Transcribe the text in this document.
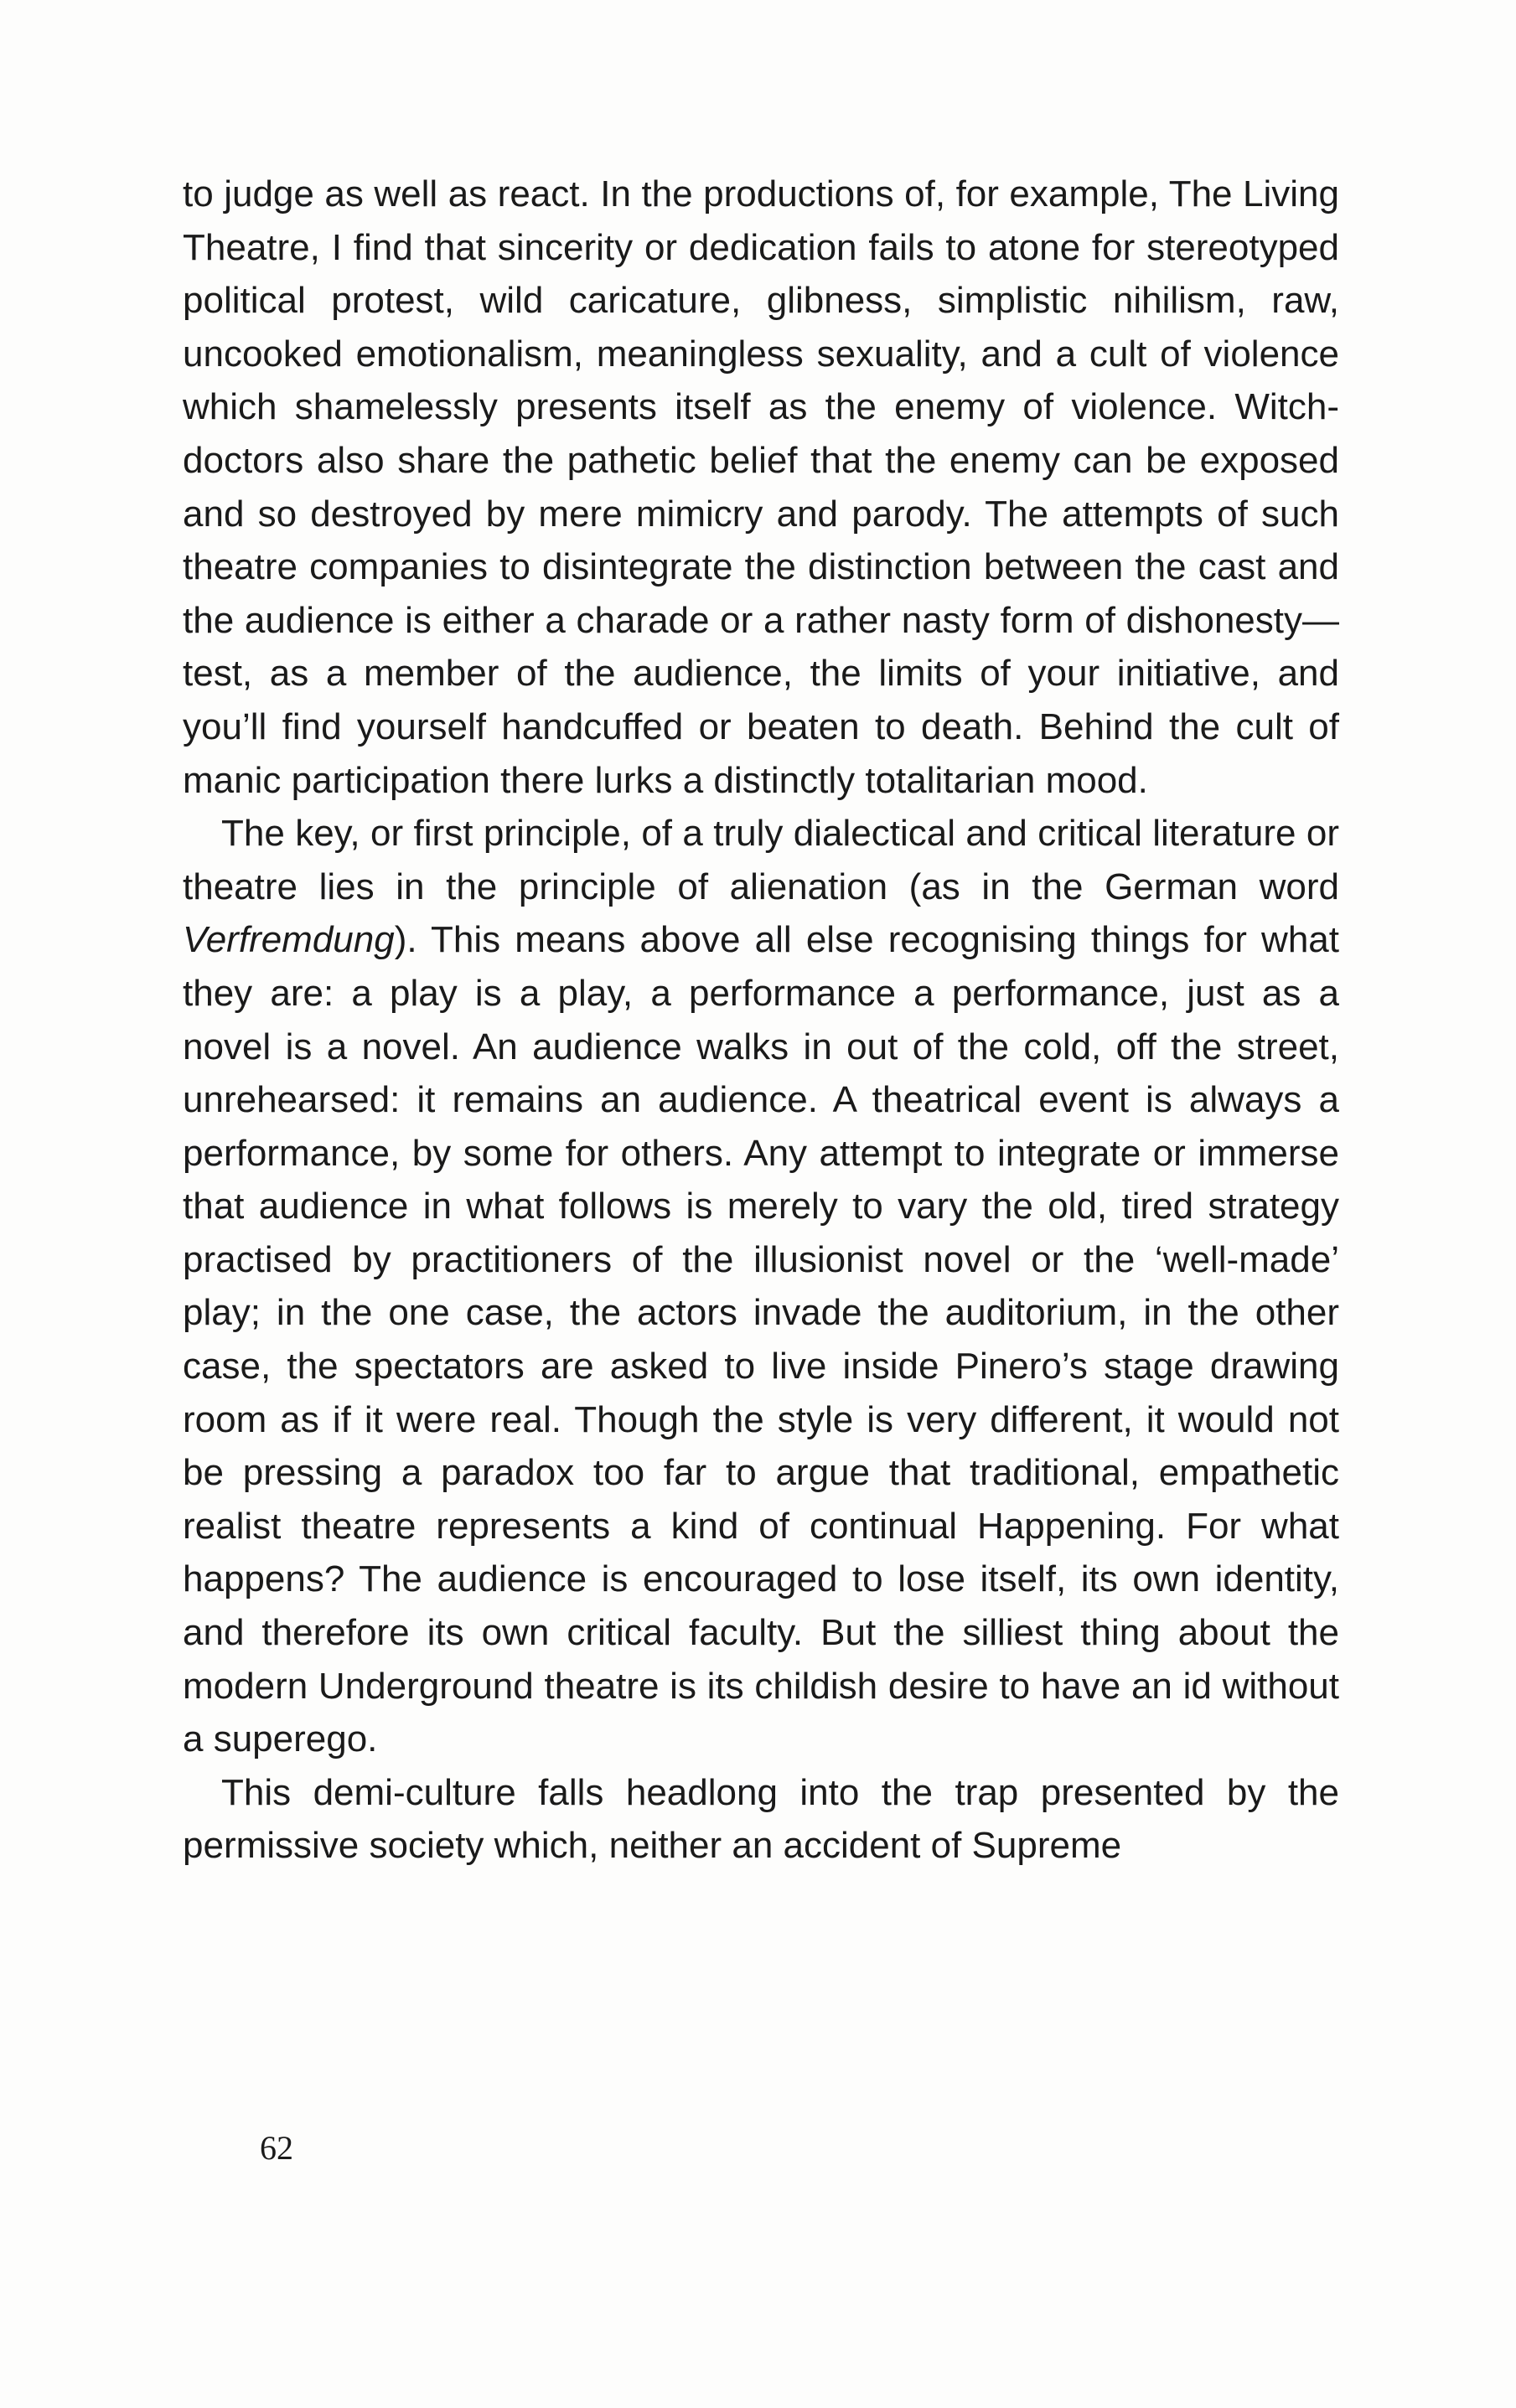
to judge as well as react. In the productions of, for example, The Living Theatre, I find that sincerity or dedication fails to atone for stereotyped political protest, wild caricature, glibness, simplistic nihilism, raw, uncooked emotionalism, meaningless sexuality, and a cult of violence which shamelessly presents itself as the enemy of violence. Witch-doctors also share the pathetic belief that the enemy can be exposed and so destroyed by mere mimicry and parody. The attempts of such theatre companies to disintegrate the distinction between the cast and the audience is either a charade or a rather nasty form of dishonesty—test, as a member of the audience, the limits of your initiative, and you’ll find yourself handcuffed or beaten to death. Behind the cult of manic participation there lurks a distinctly totalitarian mood.

The key, or first principle, of a truly dialectical and critical literature or theatre lies in the principle of alienation (as in the German word Verfremdung). This means above all else recognising things for what they are: a play is a play, a performance a performance, just as a novel is a novel. An audience walks in out of the cold, off the street, unrehearsed: it remains an audience. A theatrical event is always a performance, by some for others. Any attempt to integrate or immerse that audience in what follows is merely to vary the old, tired strategy practised by practitioners of the illusionist novel or the ‘well-made’ play; in the one case, the actors invade the auditorium, in the other case, the spectators are asked to live inside Pinero’s stage drawing room as if it were real. Though the style is very different, it would not be pressing a paradox too far to argue that traditional, empathetic realist theatre represents a kind of continual Happening. For what happens? The audience is encouraged to lose itself, its own identity, and therefore its own critical faculty. But the silliest thing about the modern Underground theatre is its childish desire to have an id without a superego.

This demi-culture falls headlong into the trap presented by the permissive society which, neither an accident of Supreme

62
